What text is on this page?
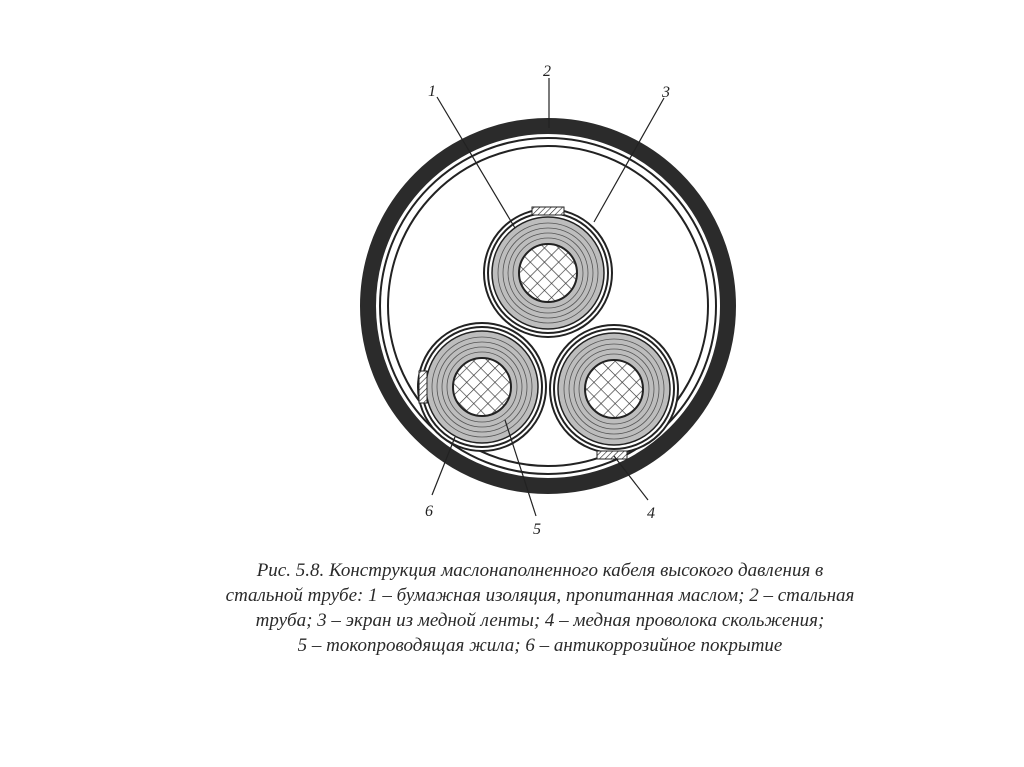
1
2
3
4
5
6
Рис. 5.8. Конструкция маслонаполненного кабеля высокого давления в
стальной трубе: 1 – бумажная изоляция, пропитанная маслом; 2 – стальная
труба; 3 – экран из медной ленты; 4 – медная проволока скольжения;
5 – токопроводящая жила; 6 – антикоррозийное покрытие
